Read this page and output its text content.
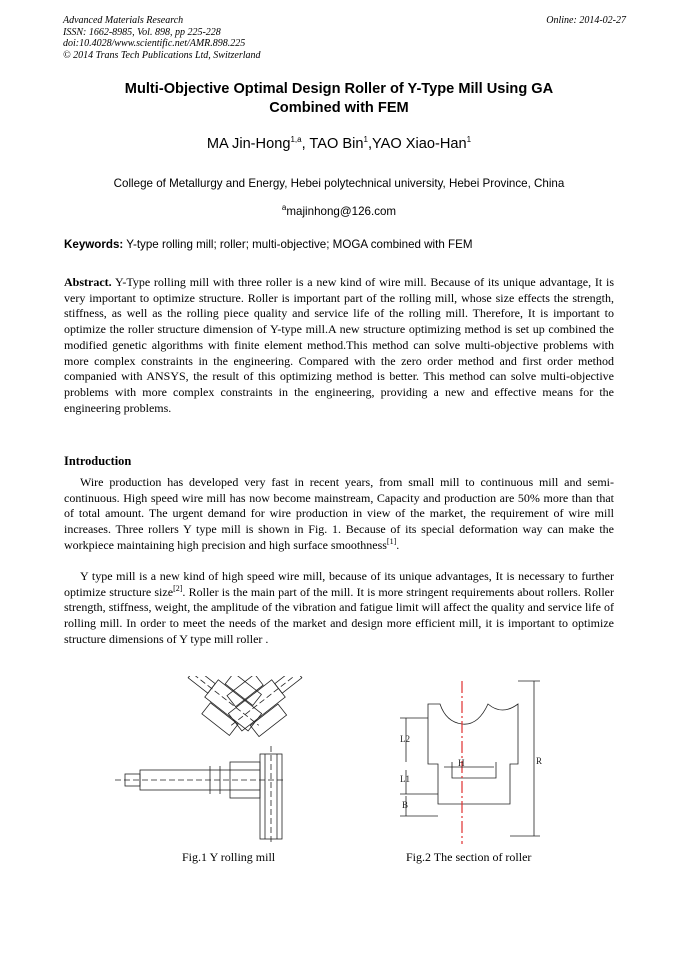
Advanced Materials Research
ISSN: 1662-8985, Vol. 898, pp 225-228
doi:10.4028/www.scientific.net/AMR.898.225
© 2014 Trans Tech Publications Ltd, Switzerland
Online: 2014-02-27
Multi-Objective Optimal Design Roller of Y-Type Mill Using GA
Combined with FEM
MA Jin-Hong$^{1,a}$, TAO Bin$^1$,YAO Xiao-Han$^1$
College of Metallurgy and Energy, Hebei polytechnical university, Hebei Province, China
$^a$majinhong@126.com
Keywords: Y-type rolling mill; roller; multi-objective; MOGA combined with FEM
Abstract. Y-Type rolling mill with three roller is a new kind of wire mill. Because of its unique advantage, It is very important to optimize structure. Roller is important part of the rolling mill, whose size effects the strength, stiffness, as well as the rolling piece quality and service life of the rolling mill. Therefore, It is important to optimize the roller structure dimension of Y-type mill.A new structure optimizing method is set up combined the modified genetic algorithms with finite element method.This method can solve multi-objective problems with more complex constraints in the engineering. Compared with the zero order method and first order method companied with ANSYS, the result of this optimizing method is better. This method can solve multi-objective problems with more complex constraints in the engineering, providing a new and effective means for the engineering problems.
Introduction
Wire production has developed very fast in recent years, from small mill to continuous mill and semi- continuous. High speed wire mill has now become mainstream, Capacity and production are 50% more than that of total amount. The urgent demand for wire production in view of the market, the requirement of wire mill increases. Three rollers Y type mill is shown in Fig. 1. Because of its special deformation way can make the workpiece maintaining high precision and high surface smoothness[1].
Y type mill is a new kind of high speed wire mill, because of its unique advantages, It is necessary to further optimize structure size[2]. Roller is the main part of the mill. It is more stringent requirements about rollers. Roller strength, stiffness, weight, the amplitude of the vibration and fatigue limit will affect the quality and service life of rolling mill. In order to meet the needs of the market and design more efficient mill, it is important to optimize structure dimensions of Y type mill roller .
L2
L1
B
H	R
Fig.1 Y rolling mill	Fig.2 The section of roller
